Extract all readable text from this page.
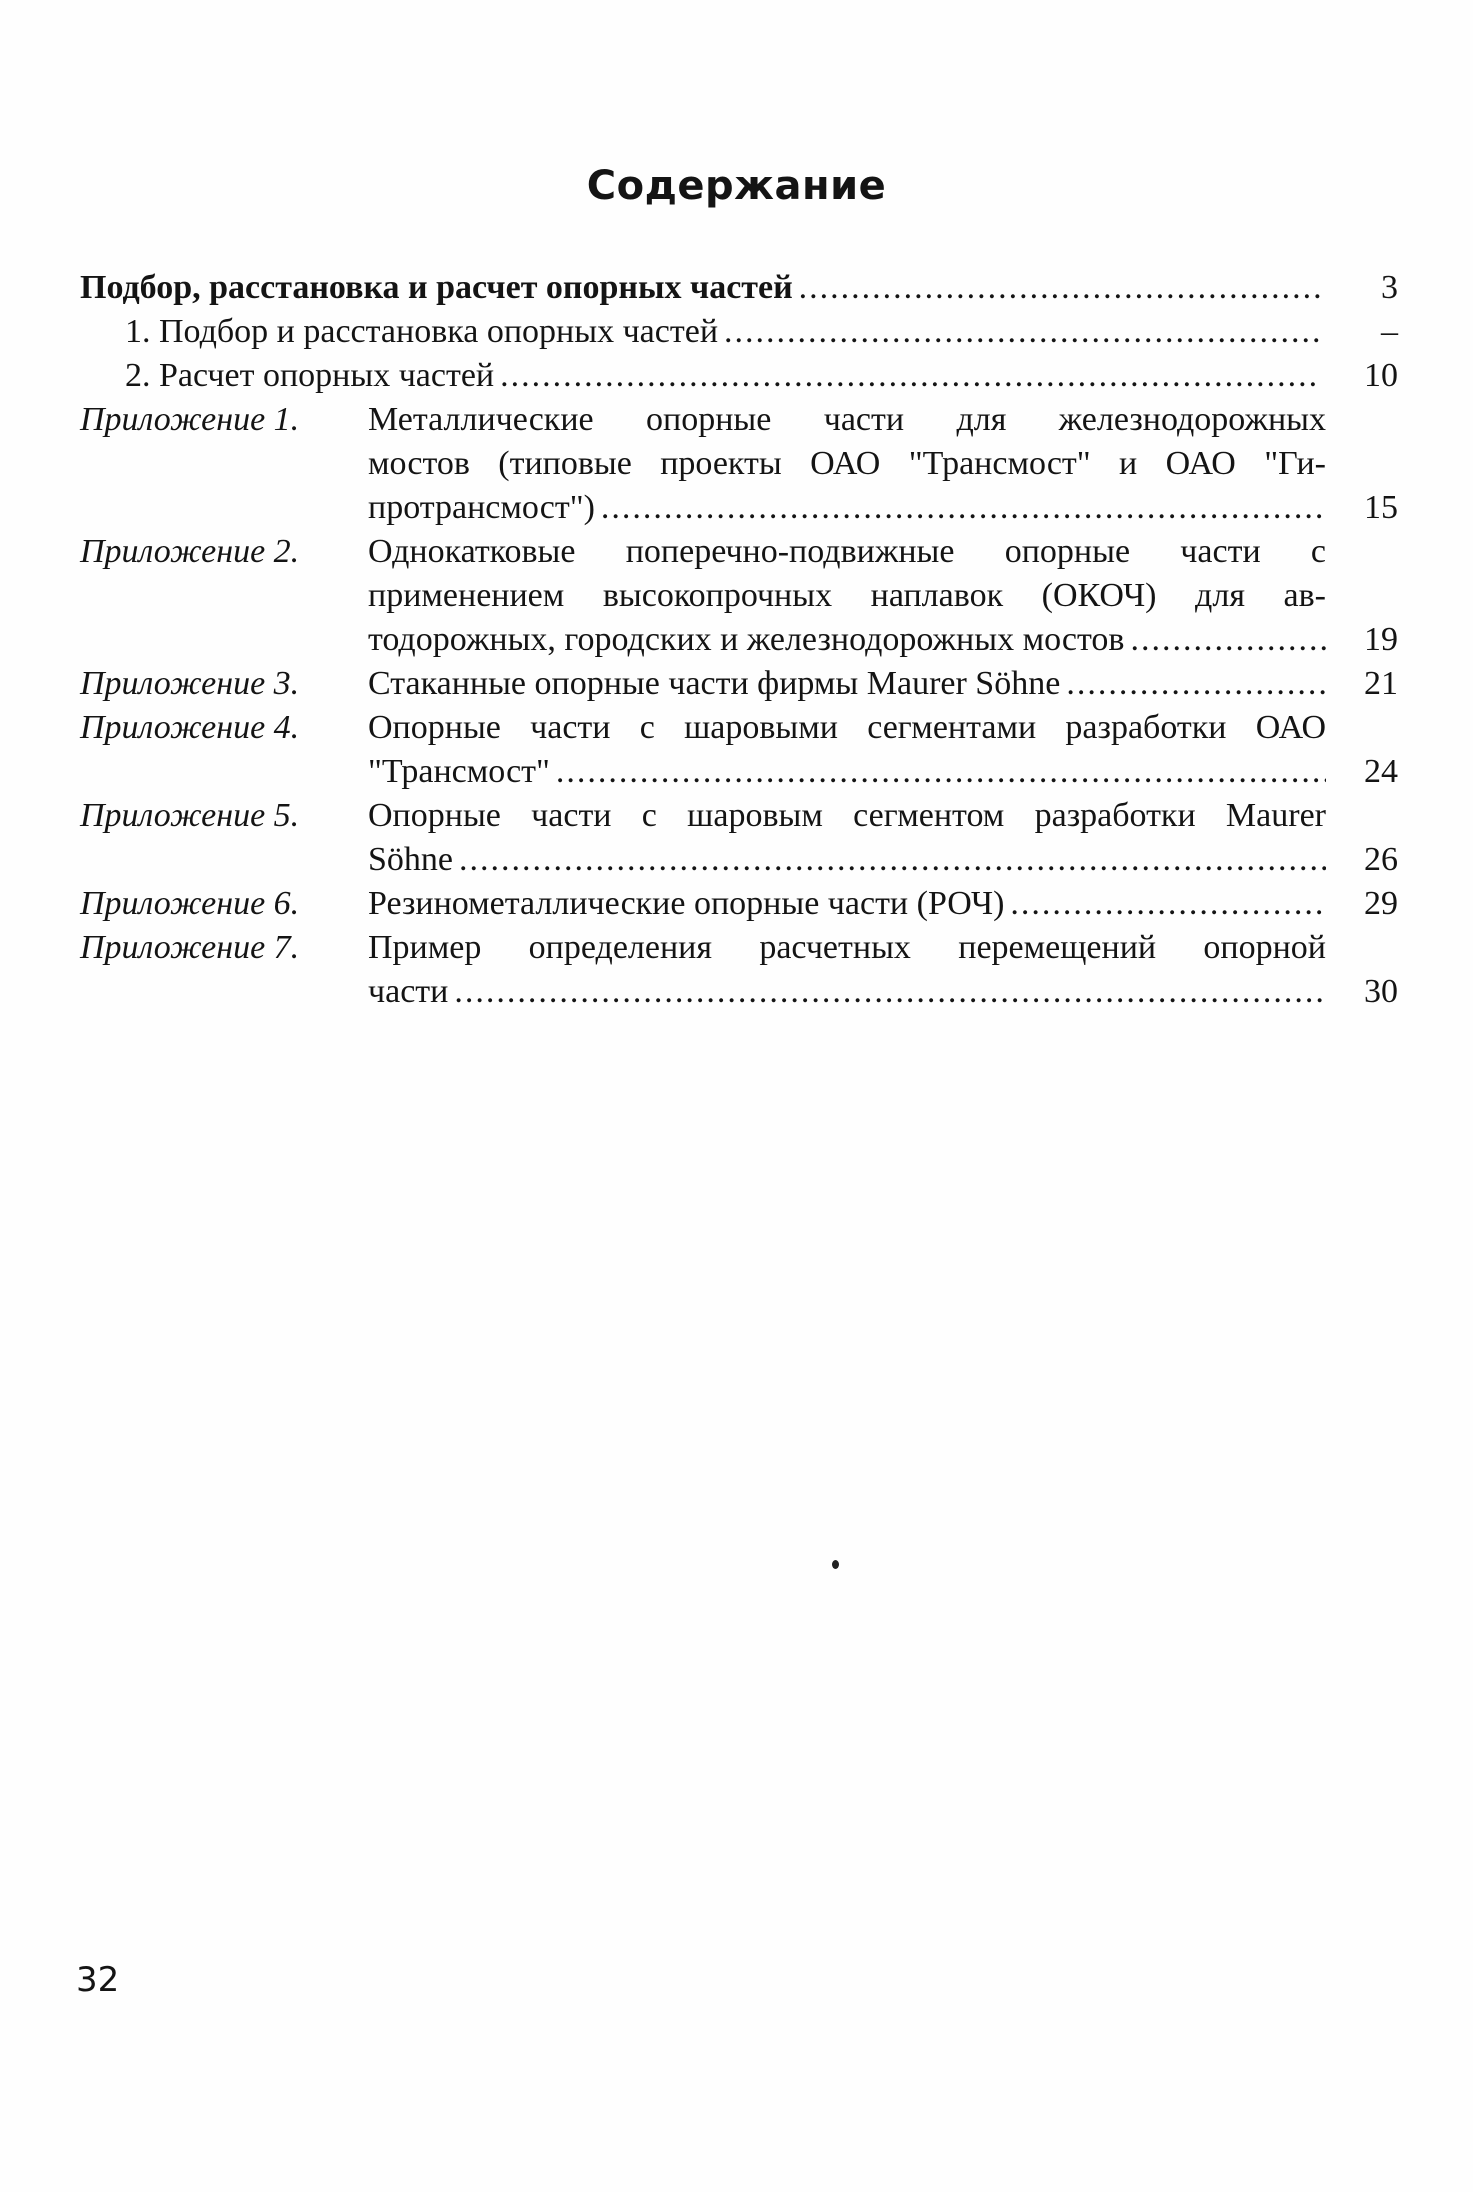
Содержание
Подбор, расстановка и расчет опорных частей .....	3
1. Подбор и расстановка опорных частей .....	–
2. Расчет опорных частей .....	10
Приложение 1.	Металлические опорные части для железнодорожных
мостов (типовые проекты ОАО "Трансмост" и ОАО "Ги-
протрансмост") .....	15
Приложение 2.	Однокатковые поперечно-подвижные опорные части с
применением высокопрочных наплавок (ОКОЧ) для ав-
тодорожных, городских и железнодорожных мостов .....	19
Приложение 3.	Стаканные опорные части фирмы Maurer Söhne .....	21
Приложение 4.	Опорные части с шаровыми сегментами разработки ОАО
"Трансмост" .....	24
Приложение 5.	Опорные части с шаровым сегментом разработки Maurer
Söhne .....	26
Приложение 6.	Резинометаллические опорные части (РОЧ) .....	29
Приложение 7.	Пример определения расчетных перемещений опорной
части .....	30
32
